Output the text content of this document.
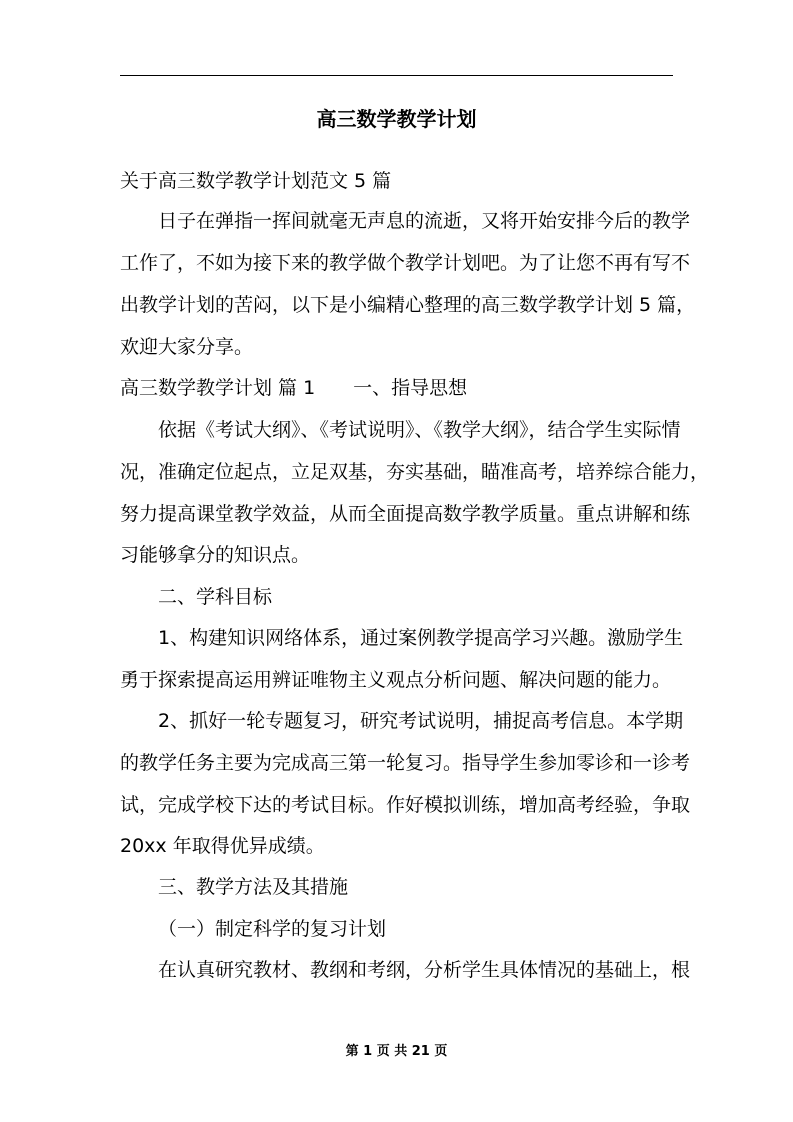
高三数学教学计划
关于高三数学教学计划范文 5 篇
日子在弹指一挥间就毫无声息的流逝，又将开始安排今后的教学
工作了，不如为接下来的教学做个教学计划吧。为了让您不再有写不
出教学计划的苦闷，以下是小编精心整理的高三数学教学计划 5 篇，
欢迎大家分享。
高三数学教学计划 篇 1 一、指导思想
依据《考试大纲》、《考试说明》、《教学大纲》，结合学生实际情
况，准确定位起点，立足双基，夯实基础，瞄准高考，培养综合能力，
努力提高课堂教学效益，从而全面提高数学教学质量。重点讲解和练
习能够拿分的知识点。
二、学科目标
1、构建知识网络体系，通过案例教学提高学习兴趣。激励学生
勇于探索提高运用辨证唯物主义观点分析问题、解决问题的能力。
2、抓好一轮专题复习，研究考试说明，捕捉高考信息。本学期
的教学任务主要为完成高三第一轮复习。指导学生参加零诊和一诊考
试，完成学校下达的考试目标。作好模拟训练，增加高考经验，争取
20xx 年取得优异成绩。
三、教学方法及其措施
（一）制定科学的复习计划
在认真研究教材、教纲和考纲，分析学生具体情况的基础上，根
第 1 页 共 21 页
